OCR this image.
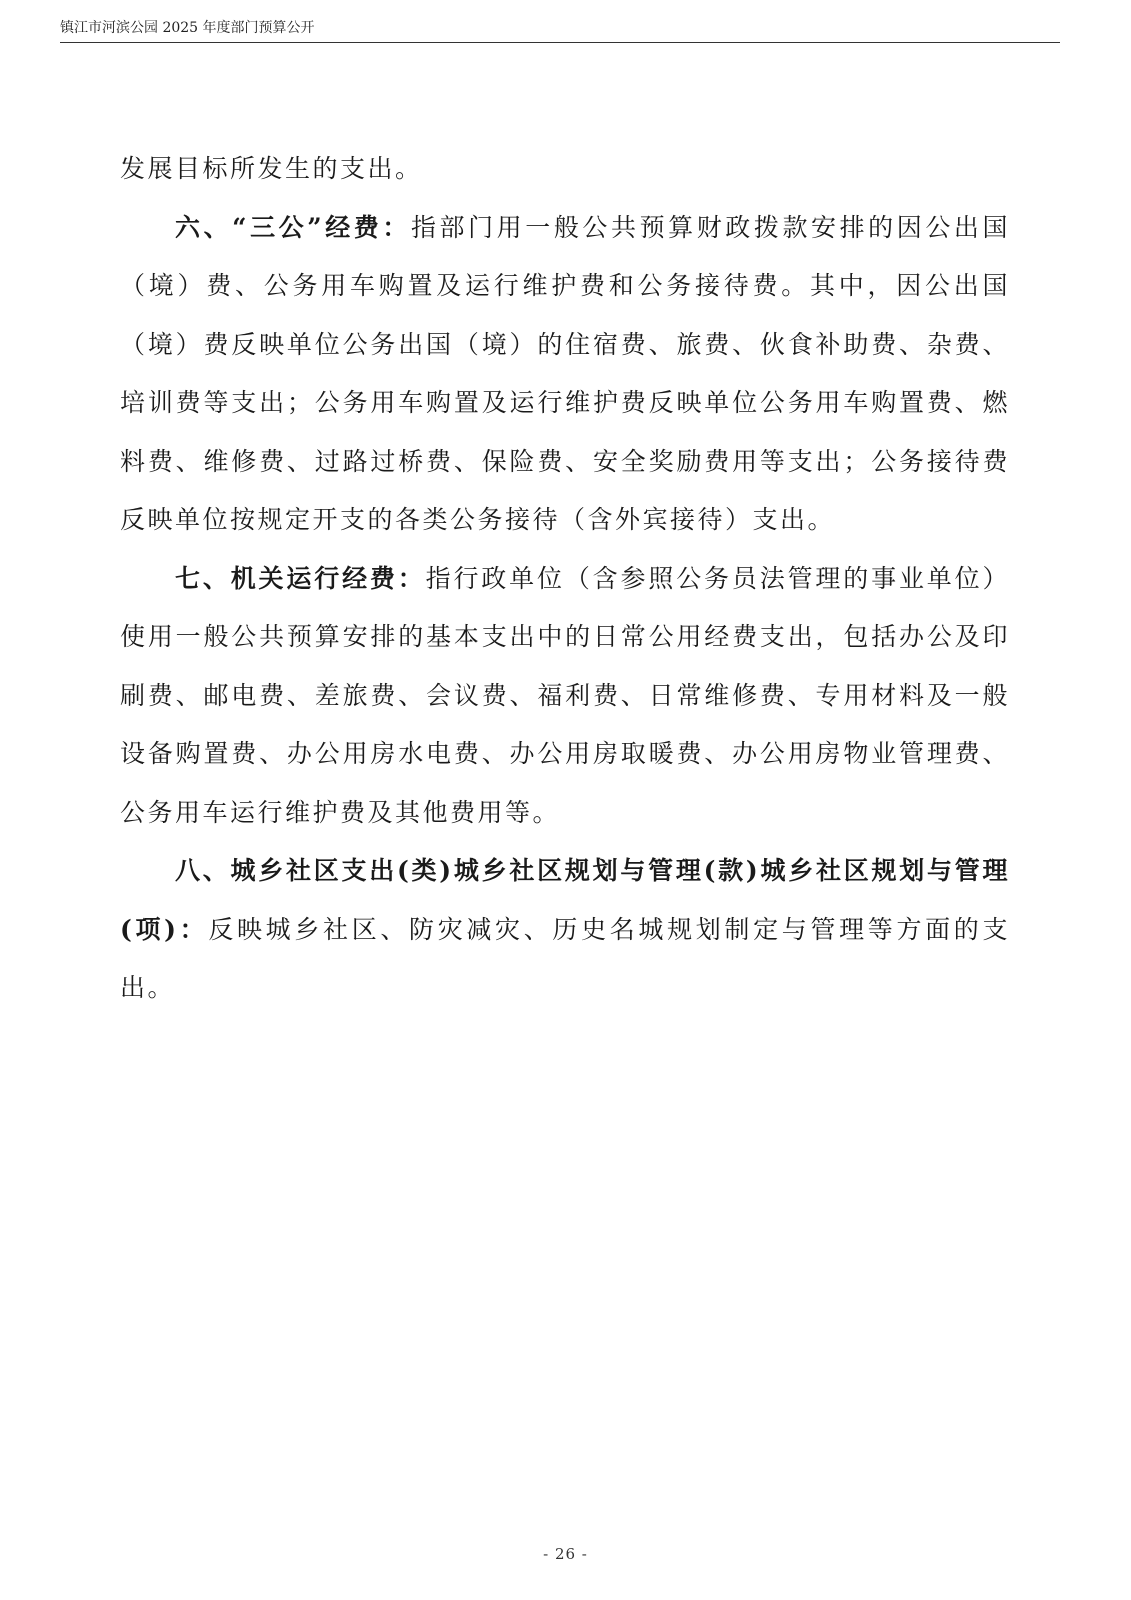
镇江市河滨公园 2025 年度部门预算公开

发展目标所发生的支出。

六、“三公”经费：指部门用一般公共预算财政拨款安排的因公出国（境）费、公务用车购置及运行维护费和公务接待费。其中，因公出国（境）费反映单位公务出国（境）的住宿费、旅费、伙食补助费、杂费、培训费等支出；公务用车购置及运行维护费反映单位公务用车购置费、燃料费、维修费、过路过桥费、保险费、安全奖励费用等支出；公务接待费反映单位按规定开支的各类公务接待（含外宾接待）支出。

七、机关运行经费：指行政单位（含参照公务员法管理的事业单位）使用一般公共预算安排的基本支出中的日常公用经费支出，包括办公及印刷费、邮电费、差旅费、会议费、福利费、日常维修费、专用材料及一般设备购置费、办公用房水电费、办公用房取暖费、办公用房物业管理费、公务用车运行维护费及其他费用等。

八、城乡社区支出(类)城乡社区规划与管理(款)城乡社区规划与管理(项)：反映城乡社区、防灾减灾、历史名城规划制定与管理等方面的支出。

- 26 -
